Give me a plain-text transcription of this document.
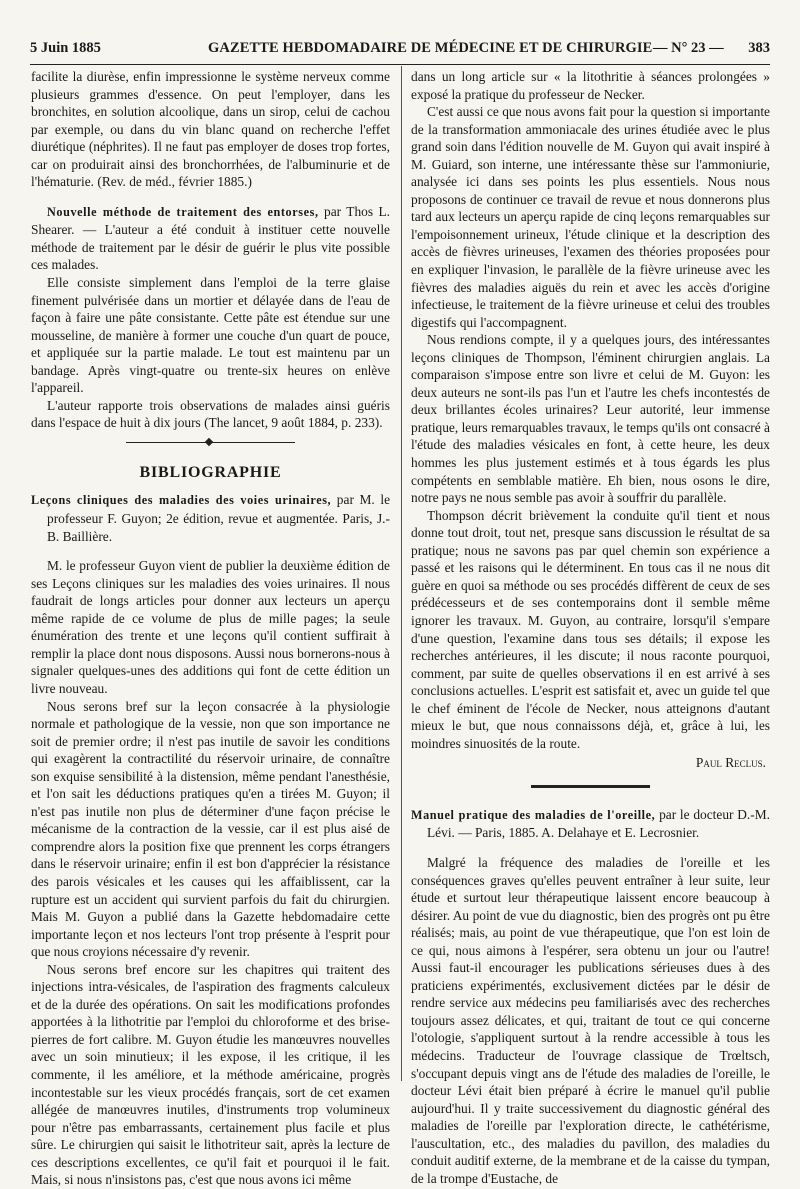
5 Juin 1885	GAZETTE HEBDOMADAIRE DE MÉDECINE ET DE CHIRURGIE — N° 23 — 383

facilite la diurèse, enfin impressionne le système nerveux comme plusieurs grammes d'essence. On peut l'employer, dans les bronchites, en solution alcoolique, dans un sirop, celui de cachou par exemple, ou dans du vin blanc quand on recherche l'effet diurétique (néphrites). Il ne faut pas employer de doses trop fortes, car on produirait ainsi des bronchorrhées, de l'albuminurie et de l'hématurie. (Rev. de méd., février 1885.)

Nouvelle méthode de traitement des entorses, par Thos L. Shearer. — L'auteur a été conduit à instituer cette nouvelle méthode de traitement par le désir de guérir le plus vite possible ces malades.

Elle consiste simplement dans l'emploi de la terre glaise finement pulvérisée dans un mortier et délayée dans de l'eau de façon à faire une pâte consistante. Cette pâte est étendue sur une mousseline, de manière à former une couche d'un quart de pouce, et appliquée sur la partie malade. Le tout est maintenu par un bandage. Après vingt-quatre ou trente-six heures on enlève l'appareil.

L'auteur rapporte trois observations de malades ainsi guéris dans l'espace de huit à dix jours (The lancet, 9 août 1884, p. 233).

BIBLIOGRAPHIE

Leçons cliniques des maladies des voies urinaires, par M. le professeur F. Guyon; 2e édition, revue et augmentée. Paris, J.-B. Baillière.

M. le professeur Guyon vient de publier la deuxième édition de ses Leçons cliniques sur les maladies des voies urinaires. Il nous faudrait de longs articles pour donner aux lecteurs un aperçu même rapide de ce volume de plus de mille pages; la seule énumération des trente et une leçons qu'il contient suffirait à remplir la place dont nous disposons. Aussi nous bornerons-nous à signaler quelques-unes des additions qui font de cette édition un livre nouveau.

Nous serons bref sur la leçon consacrée à la physiologie normale et pathologique de la vessie, non que son importance ne soit de premier ordre; il n'est pas inutile de savoir les conditions qui exagèrent la contractilité du réservoir urinaire, de connaître son exquise sensibilité à la distension, même pendant l'anesthésie, et l'on sait les déductions pratiques qu'en a tirées M. Guyon; il n'est pas inutile non plus de déterminer d'une façon précise le mécanisme de la contraction de la vessie, car il est plus aisé de comprendre alors la position fixe que prennent les corps étrangers dans le réservoir urinaire; enfin il est bon d'apprécier la résistance des parois vésicales et les causes qui les affaiblissent, car la rupture est un accident qui survient parfois du fait du chirurgien. Mais M. Guyon a publié dans la Gazette hebdomadaire cette importante leçon et nos lecteurs l'ont trop présente à l'esprit pour que nous croyions nécessaire d'y revenir.

Nous serons bref encore sur les chapitres qui traitent des injections intra-vésicales, de l'aspiration des fragments calculeux et de la durée des opérations. On sait les modifications profondes apportées à la lithotritie par l'emploi du chloroforme et des brise-pierres de fort calibre. M. Guyon étudie les manœuvres nouvelles avec un soin minutieux; il les expose, il les critique, il les commente, il les améliore, et la méthode américaine, progrès incontestable sur les vieux procédés français, sort de cet examen allégée de manœuvres inutiles, d'instruments trop volumineux pour n'être pas embarrassants, certainement plus facile et plus sûre. Le chirurgien qui saisit le lithotriteur sait, après la lecture de ces descriptions excellentes, ce qu'il fait et pourquoi il le fait. Mais, si nous n'insistons pas, c'est que nous avons ici même

dans un long article sur « la litothritie à séances prolongées » exposé la pratique du professeur de Necker.

C'est aussi ce que nous avons fait pour la question si importante de la transformation ammoniacale des urines étudiée avec le plus grand soin dans l'édition nouvelle de M. Guyon qui avait inspiré à M. Guiard, son interne, une intéressante thèse sur l'ammoniurie, analysée ici dans ses points les plus essentiels. Nous nous proposons de continuer ce travail de revue et nous donnerons plus tard aux lecteurs un aperçu rapide de cinq leçons remarquables sur l'empoisonnement urineux, l'étude clinique et la description des accès de fièvres urineuses, l'examen des théories proposées pour en expliquer l'invasion, le parallèle de la fièvre urineuse avec les fièvres des maladies aiguës du rein et avec les accès d'origine infectieuse, le traitement de la fièvre urineuse et celui des troubles digestifs qui l'accompagnent.

Nous rendions compte, il y a quelques jours, des intéressantes leçons cliniques de Thompson, l'éminent chirurgien anglais. La comparaison s'impose entre son livre et celui de M. Guyon: les deux auteurs ne sont-ils pas l'un et l'autre les chefs incontestés de deux brillantes écoles urinaires? Leur autorité, leur immense pratique, leurs remarquables travaux, le temps qu'ils ont consacré à l'étude des maladies vésicales en font, à cette heure, les deux hommes les plus justement estimés et à tous égards les plus compétents en semblable matière. Eh bien, nous osons le dire, notre pays ne nous semble pas avoir à souffrir du parallèle.

Thompson décrit brièvement la conduite qu'il tient et nous donne tout droit, tout net, presque sans discussion le résultat de sa pratique; nous ne savons pas par quel chemin son expérience a passé et les raisons qui le déterminent. En tous cas il ne nous dit guère en quoi sa méthode ou ses procédés diffèrent de ceux de ses prédécesseurs et de ses contemporains dont il semble même ignorer les travaux. M. Guyon, au contraire, lorsqu'il s'empare d'une question, l'examine dans tous ses détails; il expose les recherches antérieures, il les discute; il nous raconte pourquoi, comment, par suite de quelles observations il en est arrivé à ses conclusions actuelles. L'esprit est satisfait et, avec un guide tel que le chef éminent de l'école de Necker, nous atteignons d'autant mieux le but, que nous connaissons déjà, et, grâce à lui, les moindres sinuosités de la route.

Paul Reclus.

Manuel pratique des maladies de l'oreille, par le docteur D.-M. Lévi. — Paris, 1885. A. Delahaye et E. Lecrosnier.

Malgré la fréquence des maladies de l'oreille et les conséquences graves qu'elles peuvent entraîner à leur suite, leur étude et surtout leur thérapeutique laissent encore beaucoup à désirer. Au point de vue du diagnostic, bien des progrès ont pu être réalisés; mais, au point de vue thérapeutique, que l'on est loin de ce qui, nous aimons à l'espérer, sera obtenu un jour ou l'autre! Aussi faut-il encourager les publications sérieuses dues à des praticiens expérimentés, exclusivement dictées par le désir de rendre service aux médecins peu familiarisés avec des recherches toujours assez délicates, et qui, traitant de tout ce qui concerne l'otologie, s'appliquent surtout à la rendre accessible à tous les médecins. Traducteur de l'ouvrage classique de Trœltsch, s'occupant depuis vingt ans de l'étude des maladies de l'oreille, le docteur Lévi était bien préparé à écrire le manuel qu'il publie aujourd'hui. Il y traite successivement du diagnostic général des maladies de l'oreille par l'exploration directe, le cathétérisme, l'auscultation, etc., des maladies du pavillon, des maladies du conduit auditif externe, de la membrane et de la caisse du tympan, de la trompe d'Eustache, de
